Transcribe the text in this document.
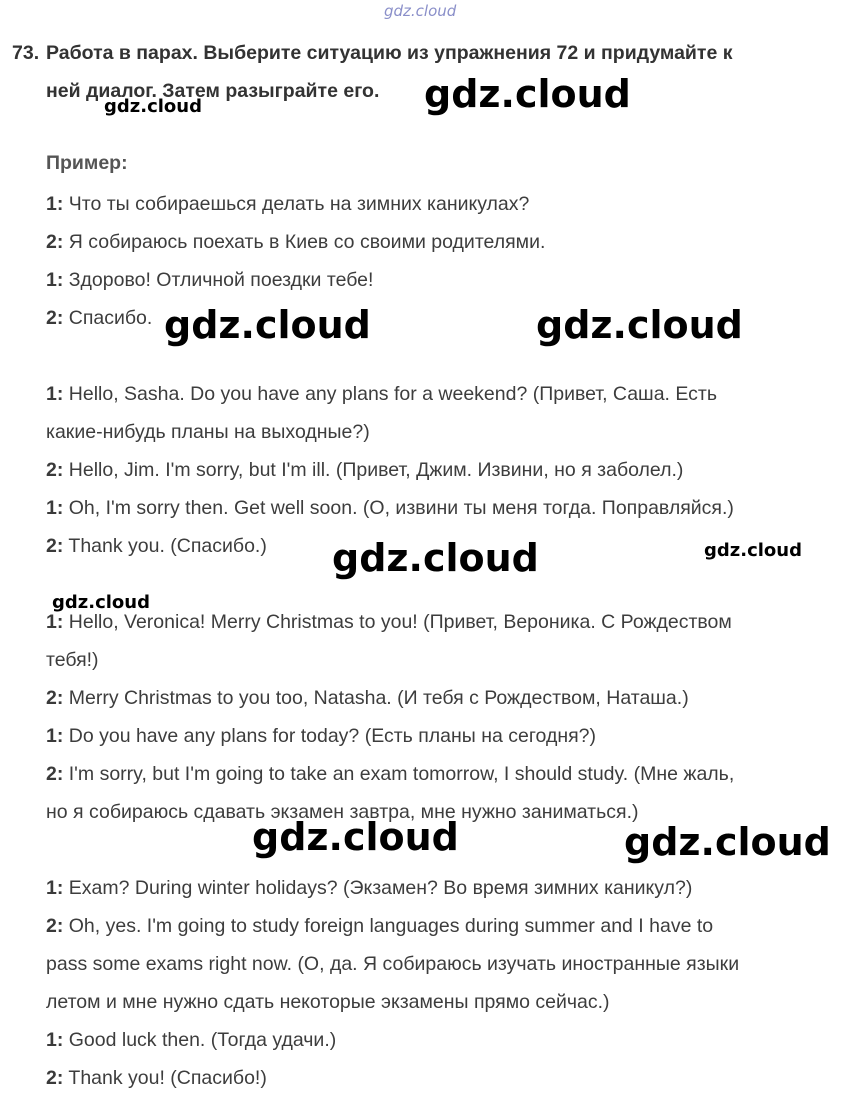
gdz.cloud
gdz.cloud
gdz.cloud
gdz.cloud	gdz.cloud
gdz.cloud	gdz.cloud
gdz.cloud
gdz.cloud	gdz.cloud
73. Работа в парах. Выберите ситуацию из упражнения 72 и придумайте к
ней диалог. Затем разыграйте его.
Пример:
1: Что ты собираешься делать на зимних каникулах?
2: Я собираюсь поехать в Киев со своими родителями.
1: Здорово! Отличной поездки тебе!
2: Спасибо.
1: Hello, Sasha. Do you have any plans for a weekend? (Привет, Саша. Есть
какие-нибудь планы на выходные?)
2: Hello, Jim. I'm sorry, but I'm ill. (Привет, Джим. Извини, но я заболел.)
1: Oh, I'm sorry then. Get well soon. (О, извини ты меня тогда. Поправляйся.)
2: Thank you. (Спасибо.)
1: Hello, Veronica! Merry Christmas to you! (Привет, Вероника. С Рождеством
тебя!)
2: Merry Christmas to you too, Natasha. (И тебя с Рождеством, Наташа.)
1: Do you have any plans for today? (Есть планы на сегодня?)
2: I'm sorry, but I'm going to take an exam tomorrow, I should study. (Мне жаль,
но я собираюсь сдавать экзамен завтра, мне нужно заниматься.)
1: Exam? During winter holidays? (Экзамен? Во время зимних каникул?)
2: Oh, yes. I'm going to study foreign languages during summer and I have to
pass some exams right now. (О, да. Я собираюсь изучать иностранные языки
летом и мне нужно сдать некоторые экзамены прямо сейчас.)
1: Good luck then. (Тогда удачи.)
2: Thank you! (Спасибо!)
